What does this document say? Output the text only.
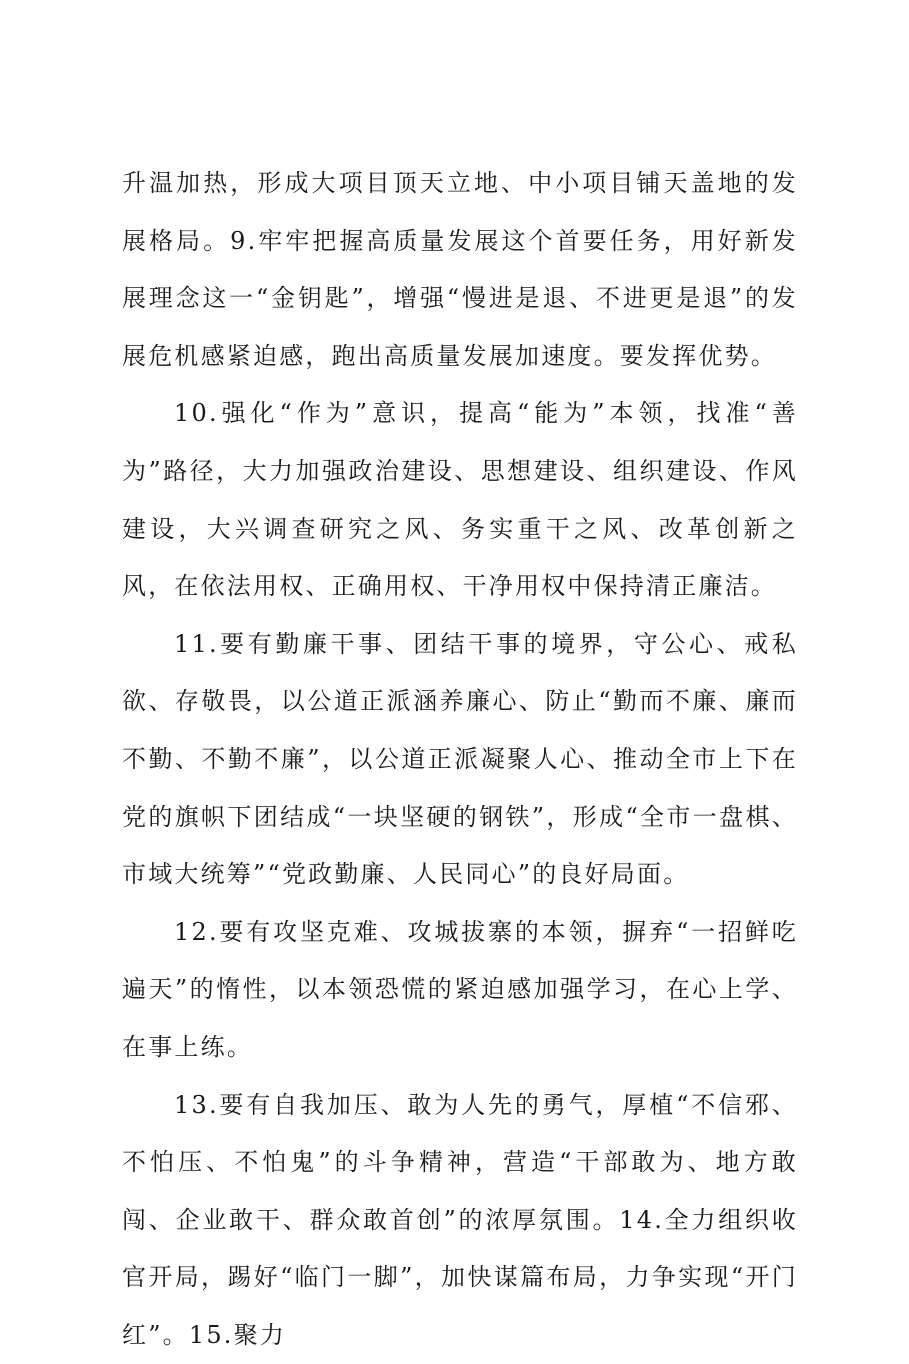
升温加热，形成大项目顶天立地、中小项目铺天盖地的发展格局。9.牢牢把握高质量发展这个首要任务，用好新发展理念这一“金钥匙”，增强“慢进是退、不进更是退”的发展危机感紧迫感，跑出高质量发展加速度。要发挥优势。

10.强化“作为”意识，提高“能为”本领，找准“善为”路径，大力加强政治建设、思想建设、组织建设、作风建设，大兴调查研究之风、务实重干之风、改革创新之风，在依法用权、正确用权、干净用权中保持清正廉洁。

11.要有勤廉干事、团结干事的境界，守公心、戒私欲、存敬畏，以公道正派涵养廉心、防止“勤而不廉、廉而不勤、不勤不廉”，以公道正派凝聚人心、推动全市上下在党的旗帜下团结成“一块坚硬的钢铁”，形成“全市一盘棋、市域大统筹”“党政勤廉、人民同心”的良好局面。

12.要有攻坚克难、攻城拔寨的本领，摒弃“一招鲜吃遍天”的惰性，以本领恐慌的紧迫感加强学习，在心上学、在事上练。

13.要有自我加压、敢为人先的勇气，厚植“不信邪、不怕压、不怕鬼”的斗争精神，营造“干部敢为、地方敢闯、企业敢干、群众敢首创”的浓厚氛围。14.全力组织收官开局，踢好“临门一脚”，加快谋篇布局，力争实现“开门红”。15.聚力
